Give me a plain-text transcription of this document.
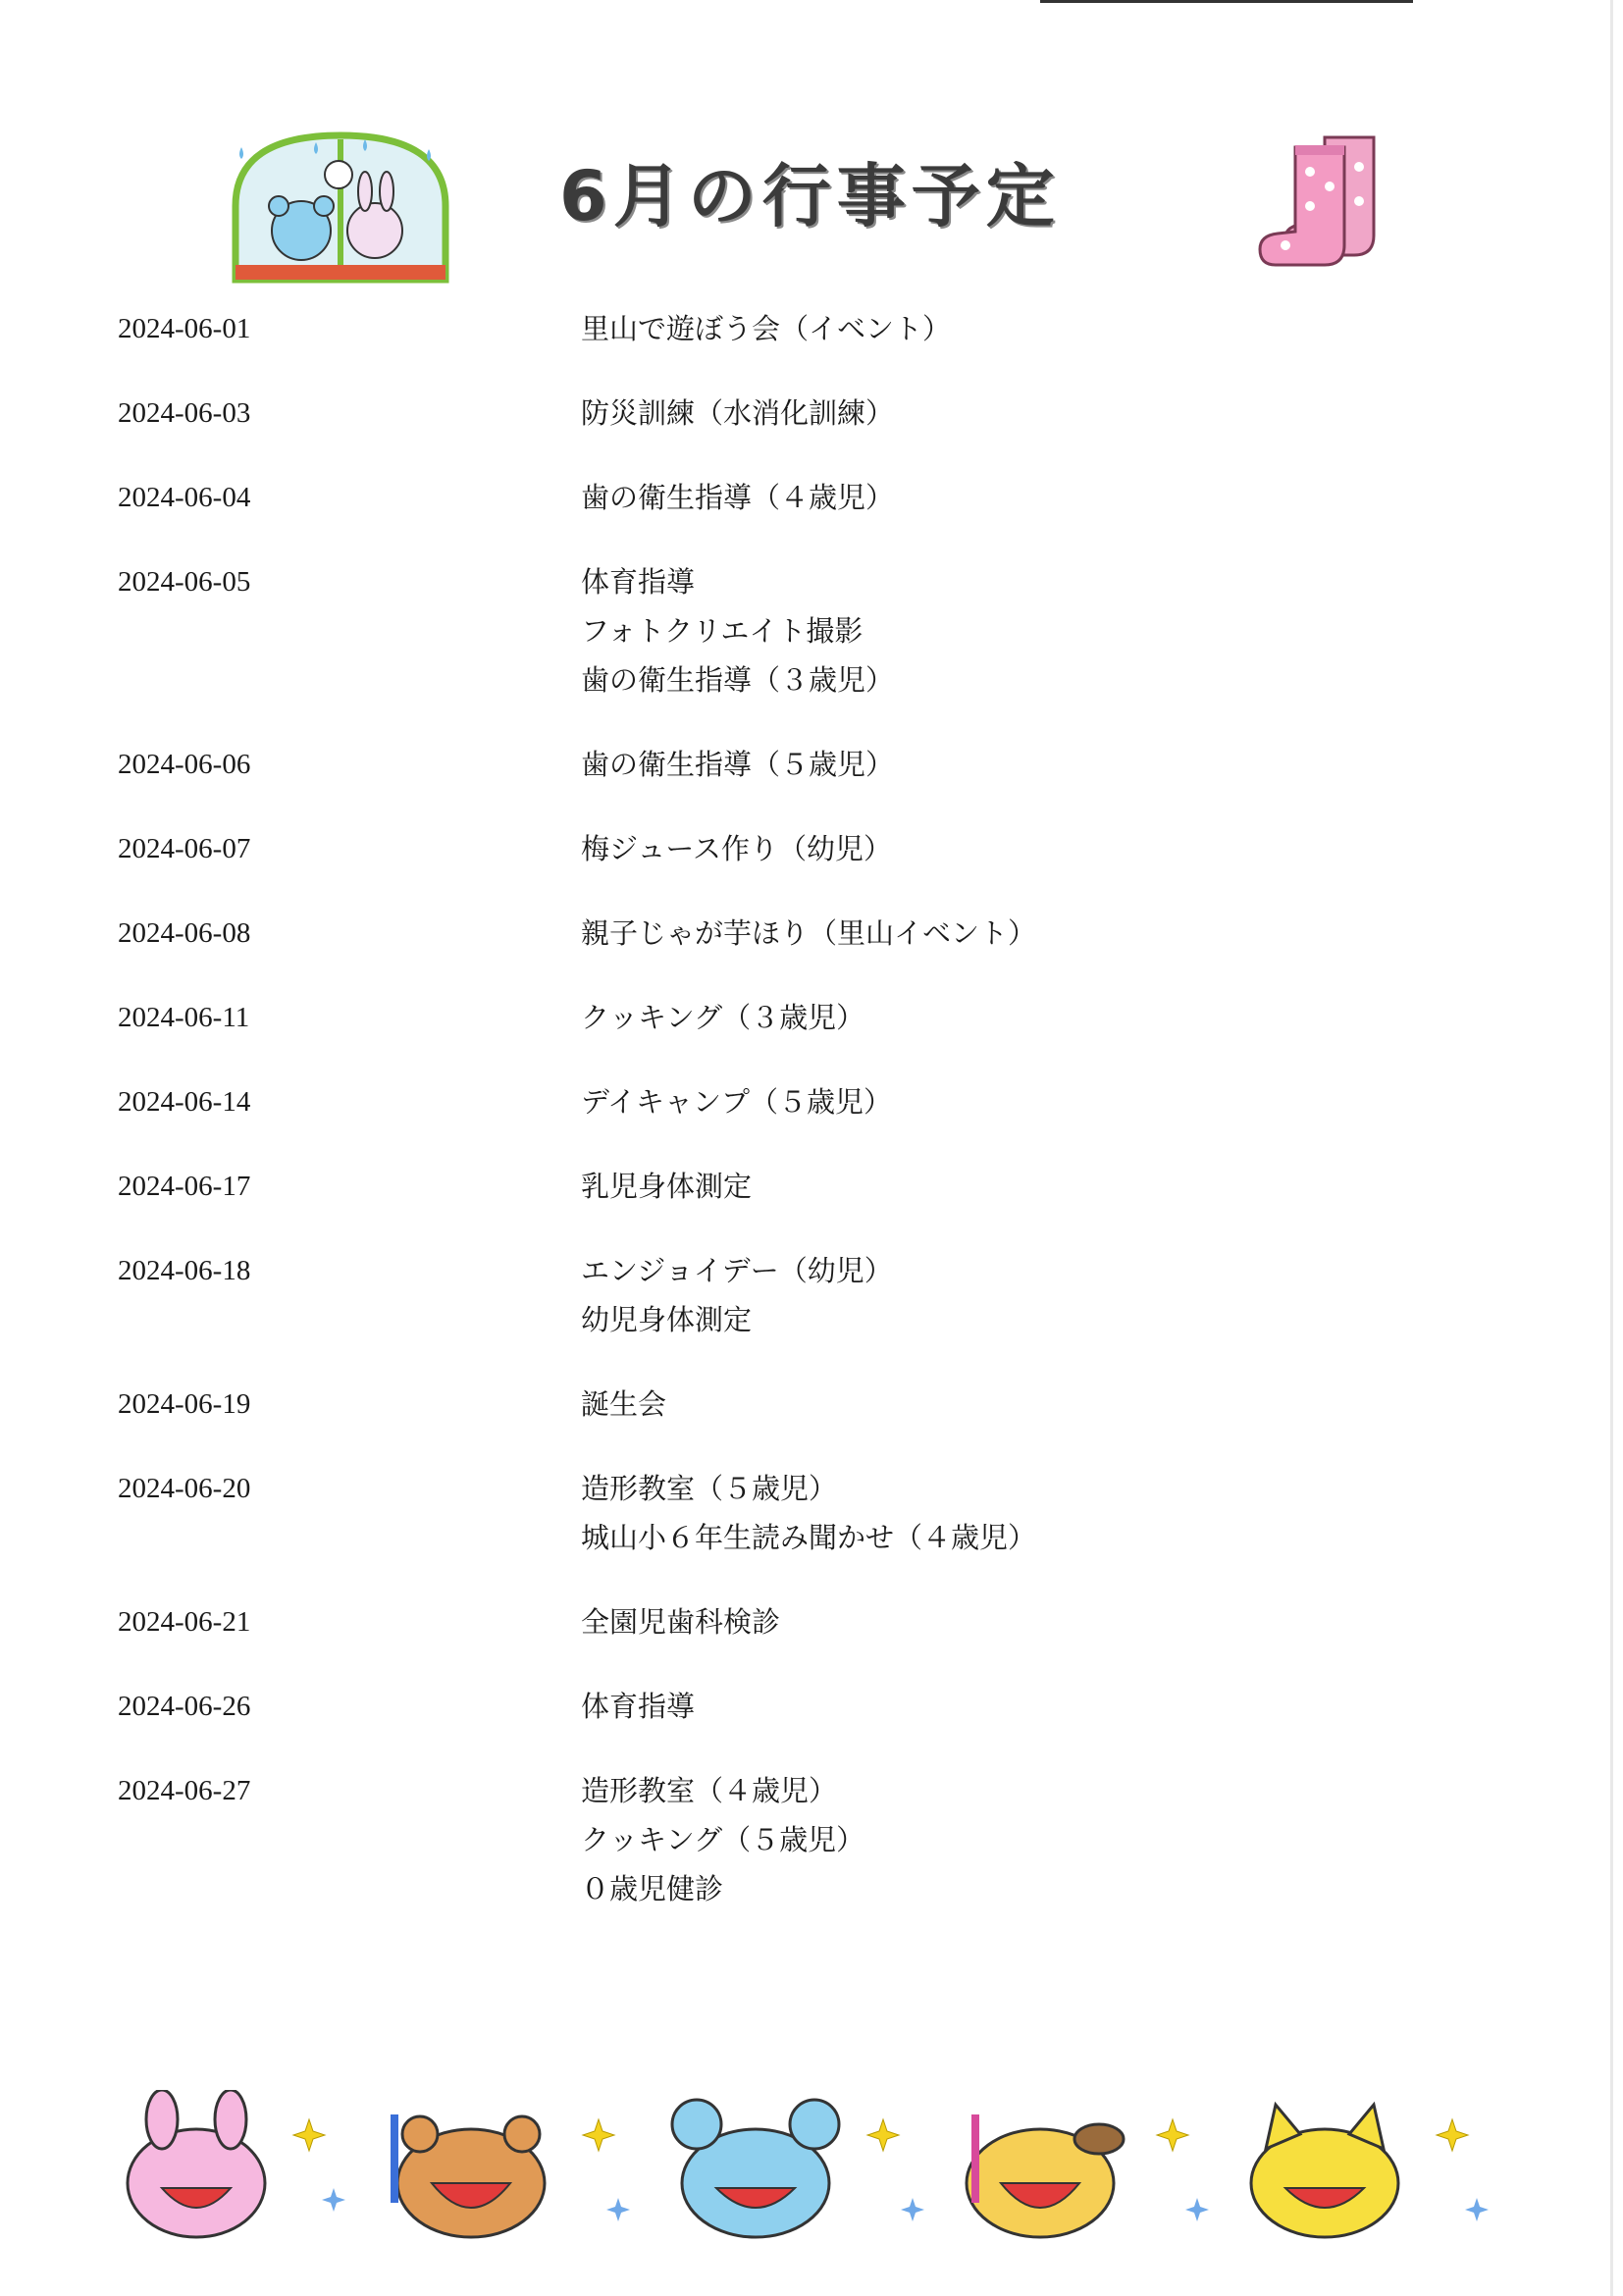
6月の行事予定
2024-06-01	里山で遊ぼう会（イベント）
2024-06-03	防災訓練（水消化訓練）
2024-06-04	歯の衛生指導（４歳児）
2024-06-05	体育指導
フォトクリエイト撮影
歯の衛生指導（３歳児）
2024-06-06	歯の衛生指導（５歳児）
2024-06-07	梅ジュース作り（幼児）
2024-06-08	親子じゃが芋ほり（里山イベント）
2024-06-11	クッキング（３歳児）
2024-06-14	デイキャンプ（５歳児）
2024-06-17	乳児身体測定
2024-06-18	エンジョイデー（幼児）
幼児身体測定
2024-06-19	誕生会
2024-06-20	造形教室（５歳児）
城山小６年生読み聞かせ（４歳児）
2024-06-21	全園児歯科検診
2024-06-26	体育指導
2024-06-27	造形教室（４歳児）
クッキング（５歳児）
０歳児健診
